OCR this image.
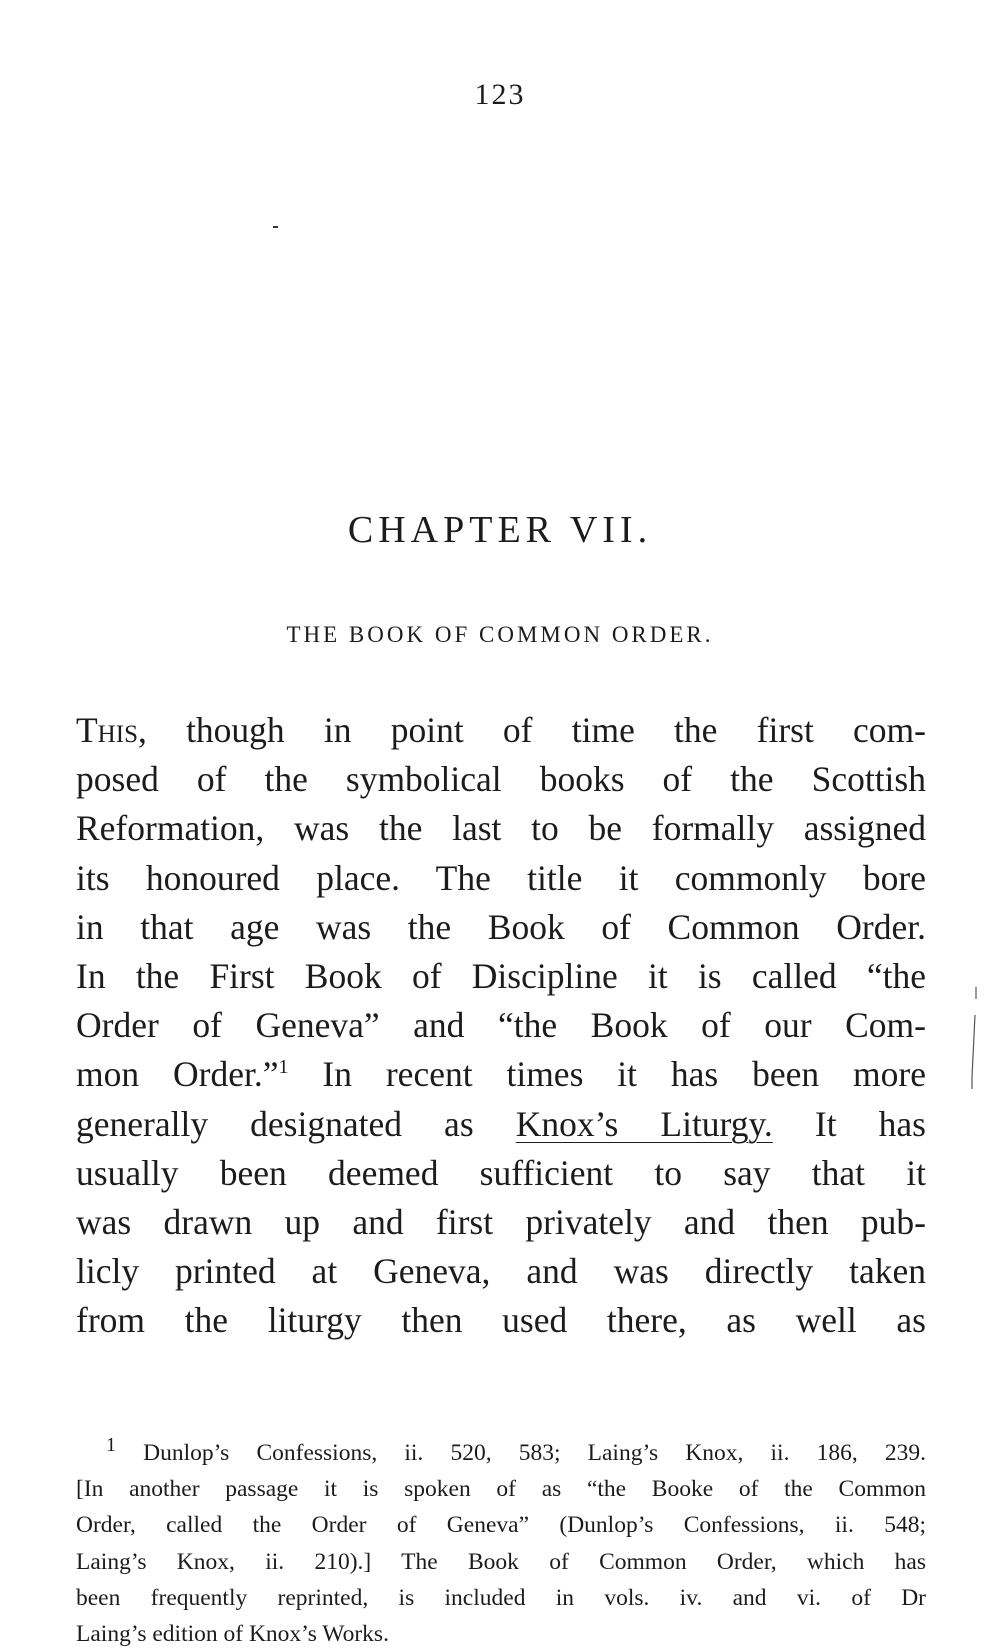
123
CHAPTER VII.
THE BOOK OF COMMON ORDER.
This, though in point of time the first com-
posed of the symbolical books of the Scottish
Reformation, was the last to be formally assigned
its honoured place. The title it commonly bore
in that age was the Book of Common Order.
In the First Book of Discipline it is called “the
Order of Geneva” and “the Book of our Com-
mon Order.”$^1$ In recent times it has been more
generally designated as Knox’s Liturgy. It has
usually been deemed sufficient to say that it
was drawn up and first privately and then pub-
licly printed at Geneva, and was directly taken
from the liturgy then used there, as well as
$^1$ Dunlop’s Confessions, ii. 520, 583; Laing’s Knox, ii. 186, 239.
[In another passage it is spoken of as “the Booke of the Common
Order, called the Order of Geneva” (Dunlop’s Confessions, ii. 548;
Laing’s Knox, ii. 210).] The Book of Common Order, which has
been frequently reprinted, is included in vols. iv. and vi. of Dr
Laing’s edition of Knox’s Works.
